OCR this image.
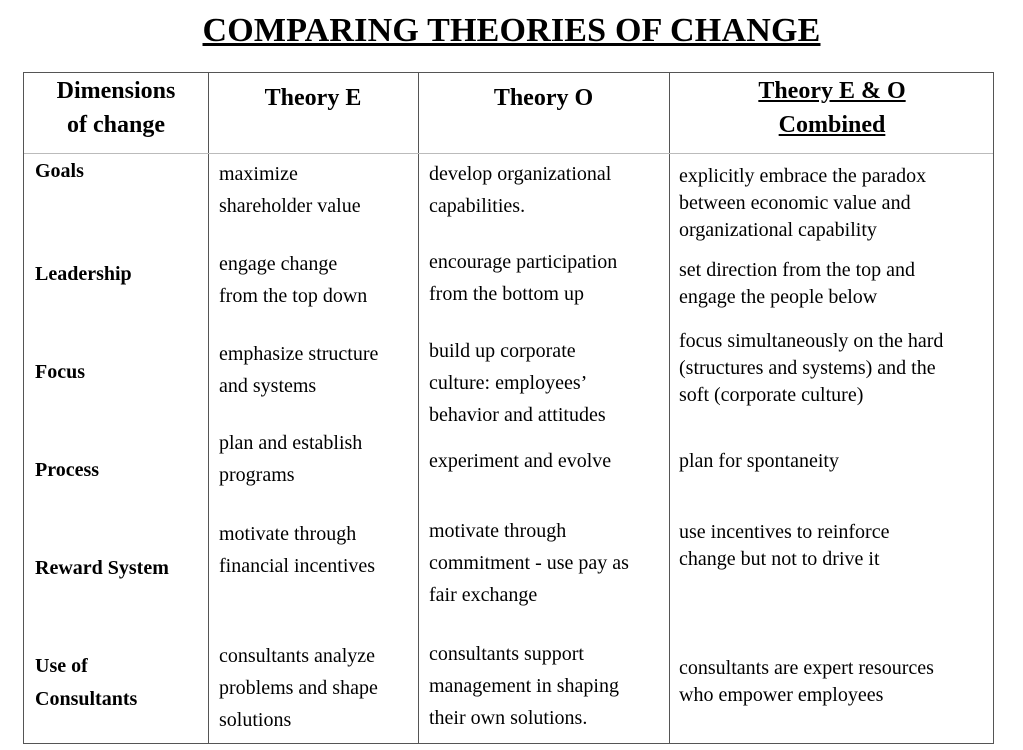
COMPARING THEORIES OF CHANGE
Dimensions
of change
Theory E	Theory O	Theory E & O
Combined
Goals
Leadership
Focus
Process
Reward System
Use of
Consultants
maximize
shareholder value
engage change
from the top down
emphasize structure
and systems
plan and establish
programs
motivate through
financial incentives
consultants analyze
problems and shape
solutions
develop organizational
capabilities.
encourage participation
from the bottom up
build up corporate
culture: employees’
behavior and attitudes
experiment and evolve
motivate through
commitment - use pay as
fair exchange
consultants support
management in shaping
their own solutions.
explicitly embrace the paradox
between economic value and
organizational capability
set direction from the top and
engage the people below
focus simultaneously on the hard
(structures and systems) and the
soft (corporate culture)
plan for spontaneity
use incentives to reinforce
change but not to drive it
consultants are expert resources
who empower employees
